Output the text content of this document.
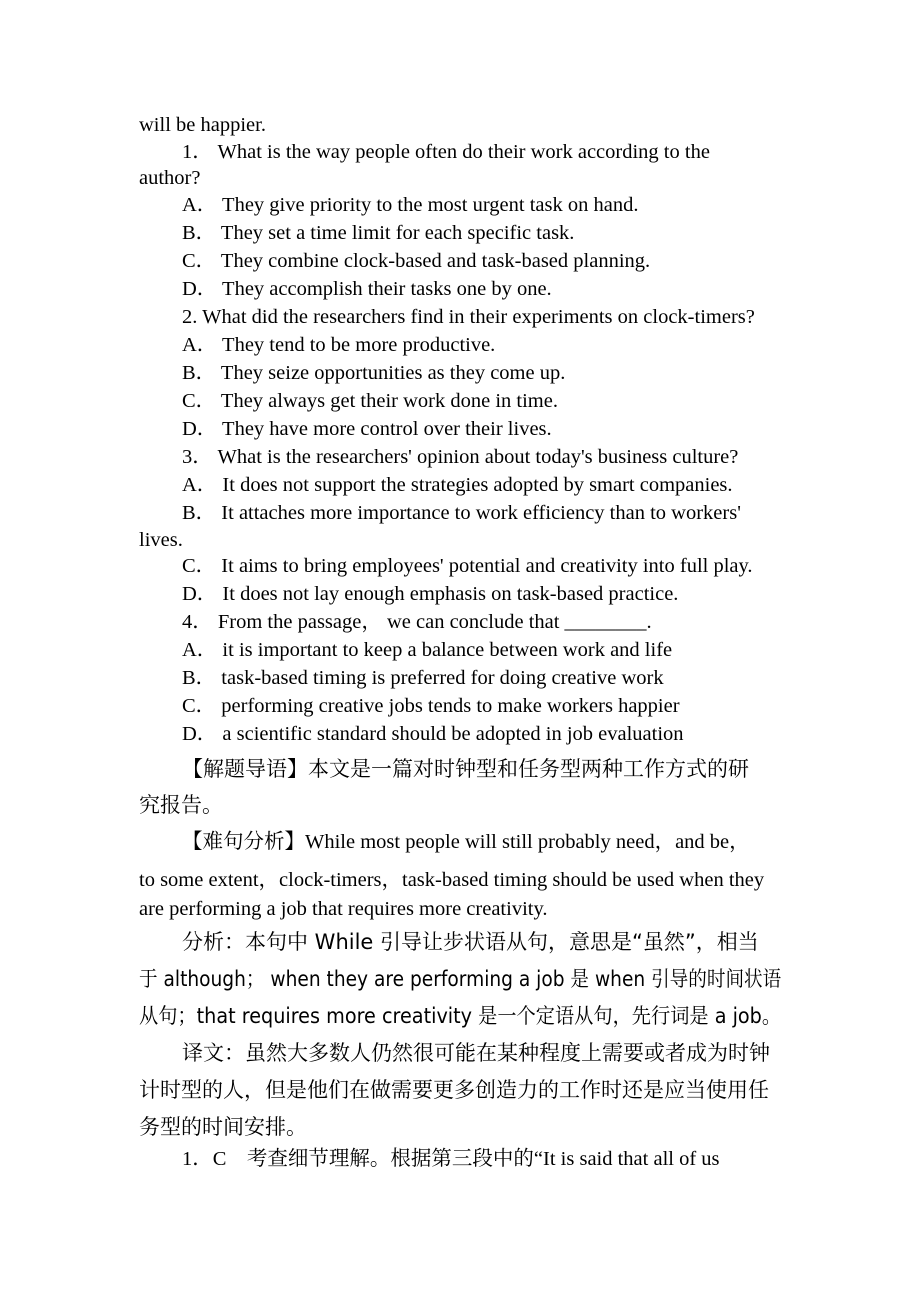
will be happier.
1． What is the way people often do their work according to the
author?
A． They give priority to the most urgent task on hand.
B． They set a time limit for each specific task.
C． They combine clock-based and task-based planning.
D． They accomplish their tasks one by one.
2. What did the researchers find in their experiments on clock-timers?
A． They tend to be more productive.
B． They seize opportunities as they come up.
C． They always get their work done in time.
D． They have more control over their lives.
3． What is the researchers' opinion about today's business culture?
A． It does not support the strategies adopted by smart companies.
B． It attaches more importance to work efficiency than to workers'
lives.
C． It aims to bring employees' potential and creativity into full play.
D． It does not lay enough emphasis on task-based practice.
4． From the passage， we can conclude that ________.
A． it is important to keep a balance between work and life
B． task-based timing is preferred for doing creative work
C． performing creative jobs tends to make workers happier
D． a scientific standard should be adopted in job evaluation
【解题导语】本文是一篇对时钟型和任务型两种工作方式的研
究报告。
【难句分析】While most people will still probably need，and be，
to some extent，clock-timers，task-based timing should be used when they
are performing a job that requires more creativity.
分析：本句中 While 引导让步状语从句，意思是“虽然”，相当
于 although； when they are performing a job 是 when 引导的时间状语
从句；that requires more creativity 是一个定语从句，先行词是 a job。
译文：虽然大多数人仍然很可能在某种程度上需要或者成为时钟
计时型的人，但是他们在做需要更多创造力的工作时还是应当使用任
务型的时间安排。
1．C　考查细节理解。根据第三段中的“It is said that all of us
